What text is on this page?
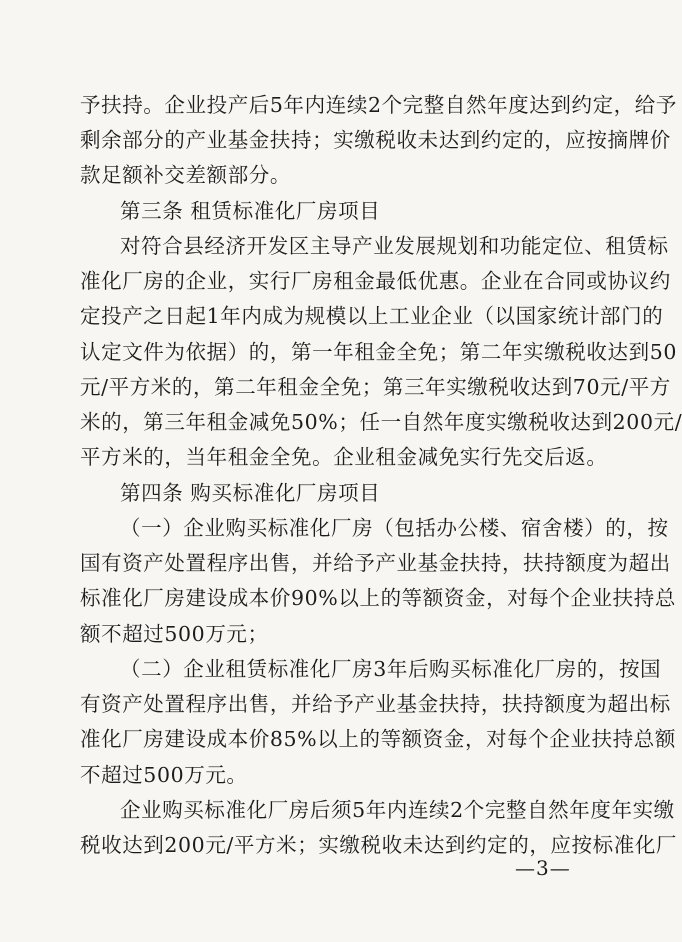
予扶持。企业投产后5年内连续2个完整自然年度达到约定，给予
剩余部分的产业基金扶持；实缴税收未达到约定的，应按摘牌价
款足额补交差额部分。
第三条 租赁标准化厂房项目
对符合县经济开发区主导产业发展规划和功能定位、租赁标
准化厂房的企业，实行厂房租金最低优惠。企业在合同或协议约
定投产之日起1年内成为规模以上工业企业（以国家统计部门的
认定文件为依据）的，第一年租金全免；第二年实缴税收达到50
元/平方米的，第二年租金全免；第三年实缴税收达到70元/平方
米的，第三年租金减免50%；任一自然年度实缴税收达到200元/
平方米的，当年租金全免。企业租金减免实行先交后返。
第四条 购买标准化厂房项目
（一）企业购买标准化厂房（包括办公楼、宿舍楼）的，按
国有资产处置程序出售，并给予产业基金扶持，扶持额度为超出
标准化厂房建设成本价90%以上的等额资金，对每个企业扶持总
额不超过500万元；
（二）企业租赁标准化厂房3年后购买标准化厂房的，按国
有资产处置程序出售，并给予产业基金扶持，扶持额度为超出标
准化厂房建设成本价85%以上的等额资金，对每个企业扶持总额
不超过500万元。
企业购买标准化厂房后须5年内连续2个完整自然年度年实缴
税收达到200元/平方米；实缴税收未达到约定的，应按标准化厂
—3—
